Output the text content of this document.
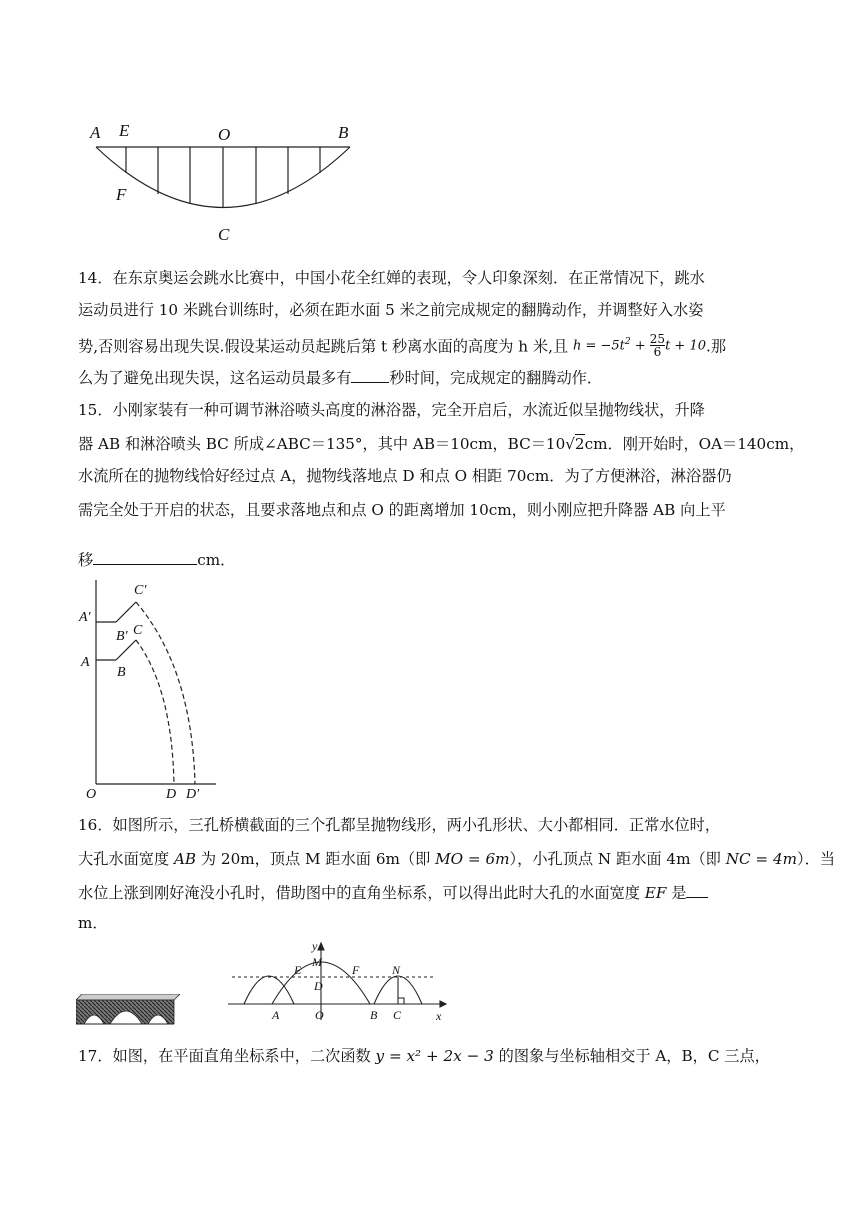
A E	O	B
F
C
14．在东京奥运会跳水比赛中，中国小花全红婵的表现，令人印象深刻．在正常情况下，跳水
运动员进行 10 米跳台训练时，必须在距水面 5 米之前完成规定的翻腾动作，并调整好入水姿
势,否则容易出现失误.假设某运动员起跳后第 t 秒离水面的高度为 h 米,且 $h = -5t^2 + \frac{25}{6}$ t + 10.那
么为了避免出现失误，这名运动员最多有	秒时间，完成规定的翻腾动作．
15．小刚家装有一种可调节淋浴喷头高度的淋浴器，完全开启后，水流近似呈抛物线状，升降
器 AB 和淋浴喷头 BC 所成∠ABC＝135°，其中 AB＝10cm，BC＝10√2cm．刚开始时，OA＝140cm，
水流所在的抛物线恰好经过点 A，抛物线落地点 D 和点 O 相距 70cm．为了方便淋浴，淋浴器仍
需完全处于开启的状态，且要求落地点和点 O 的距离增加 10cm，则小刚应把升降器 AB 向上平
移	cm．
C′
A′
B′ C
A
B
O	D D′
16．如图所示，三孔桥横截面的三个孔都呈抛物线形，两小孔形状、大小都相同．正常水位时，
大孔水面宽度 AB 为 20m，顶点 M 距水面 6m（即 MO = 6m），小孔顶点 N 距水面 4m（即 NC = 4m）．当
水位上涨到刚好淹没小孔时，借助图中的直角坐标系，可以得出此时大孔的水面宽度 EF 是
m．
y
x
M
E	F	N
D
A	O	B C
17．如图，在平面直角坐标系中，二次函数 y = x² + 2x − 3 的图象与坐标轴相交于 A，B，C 三点，
